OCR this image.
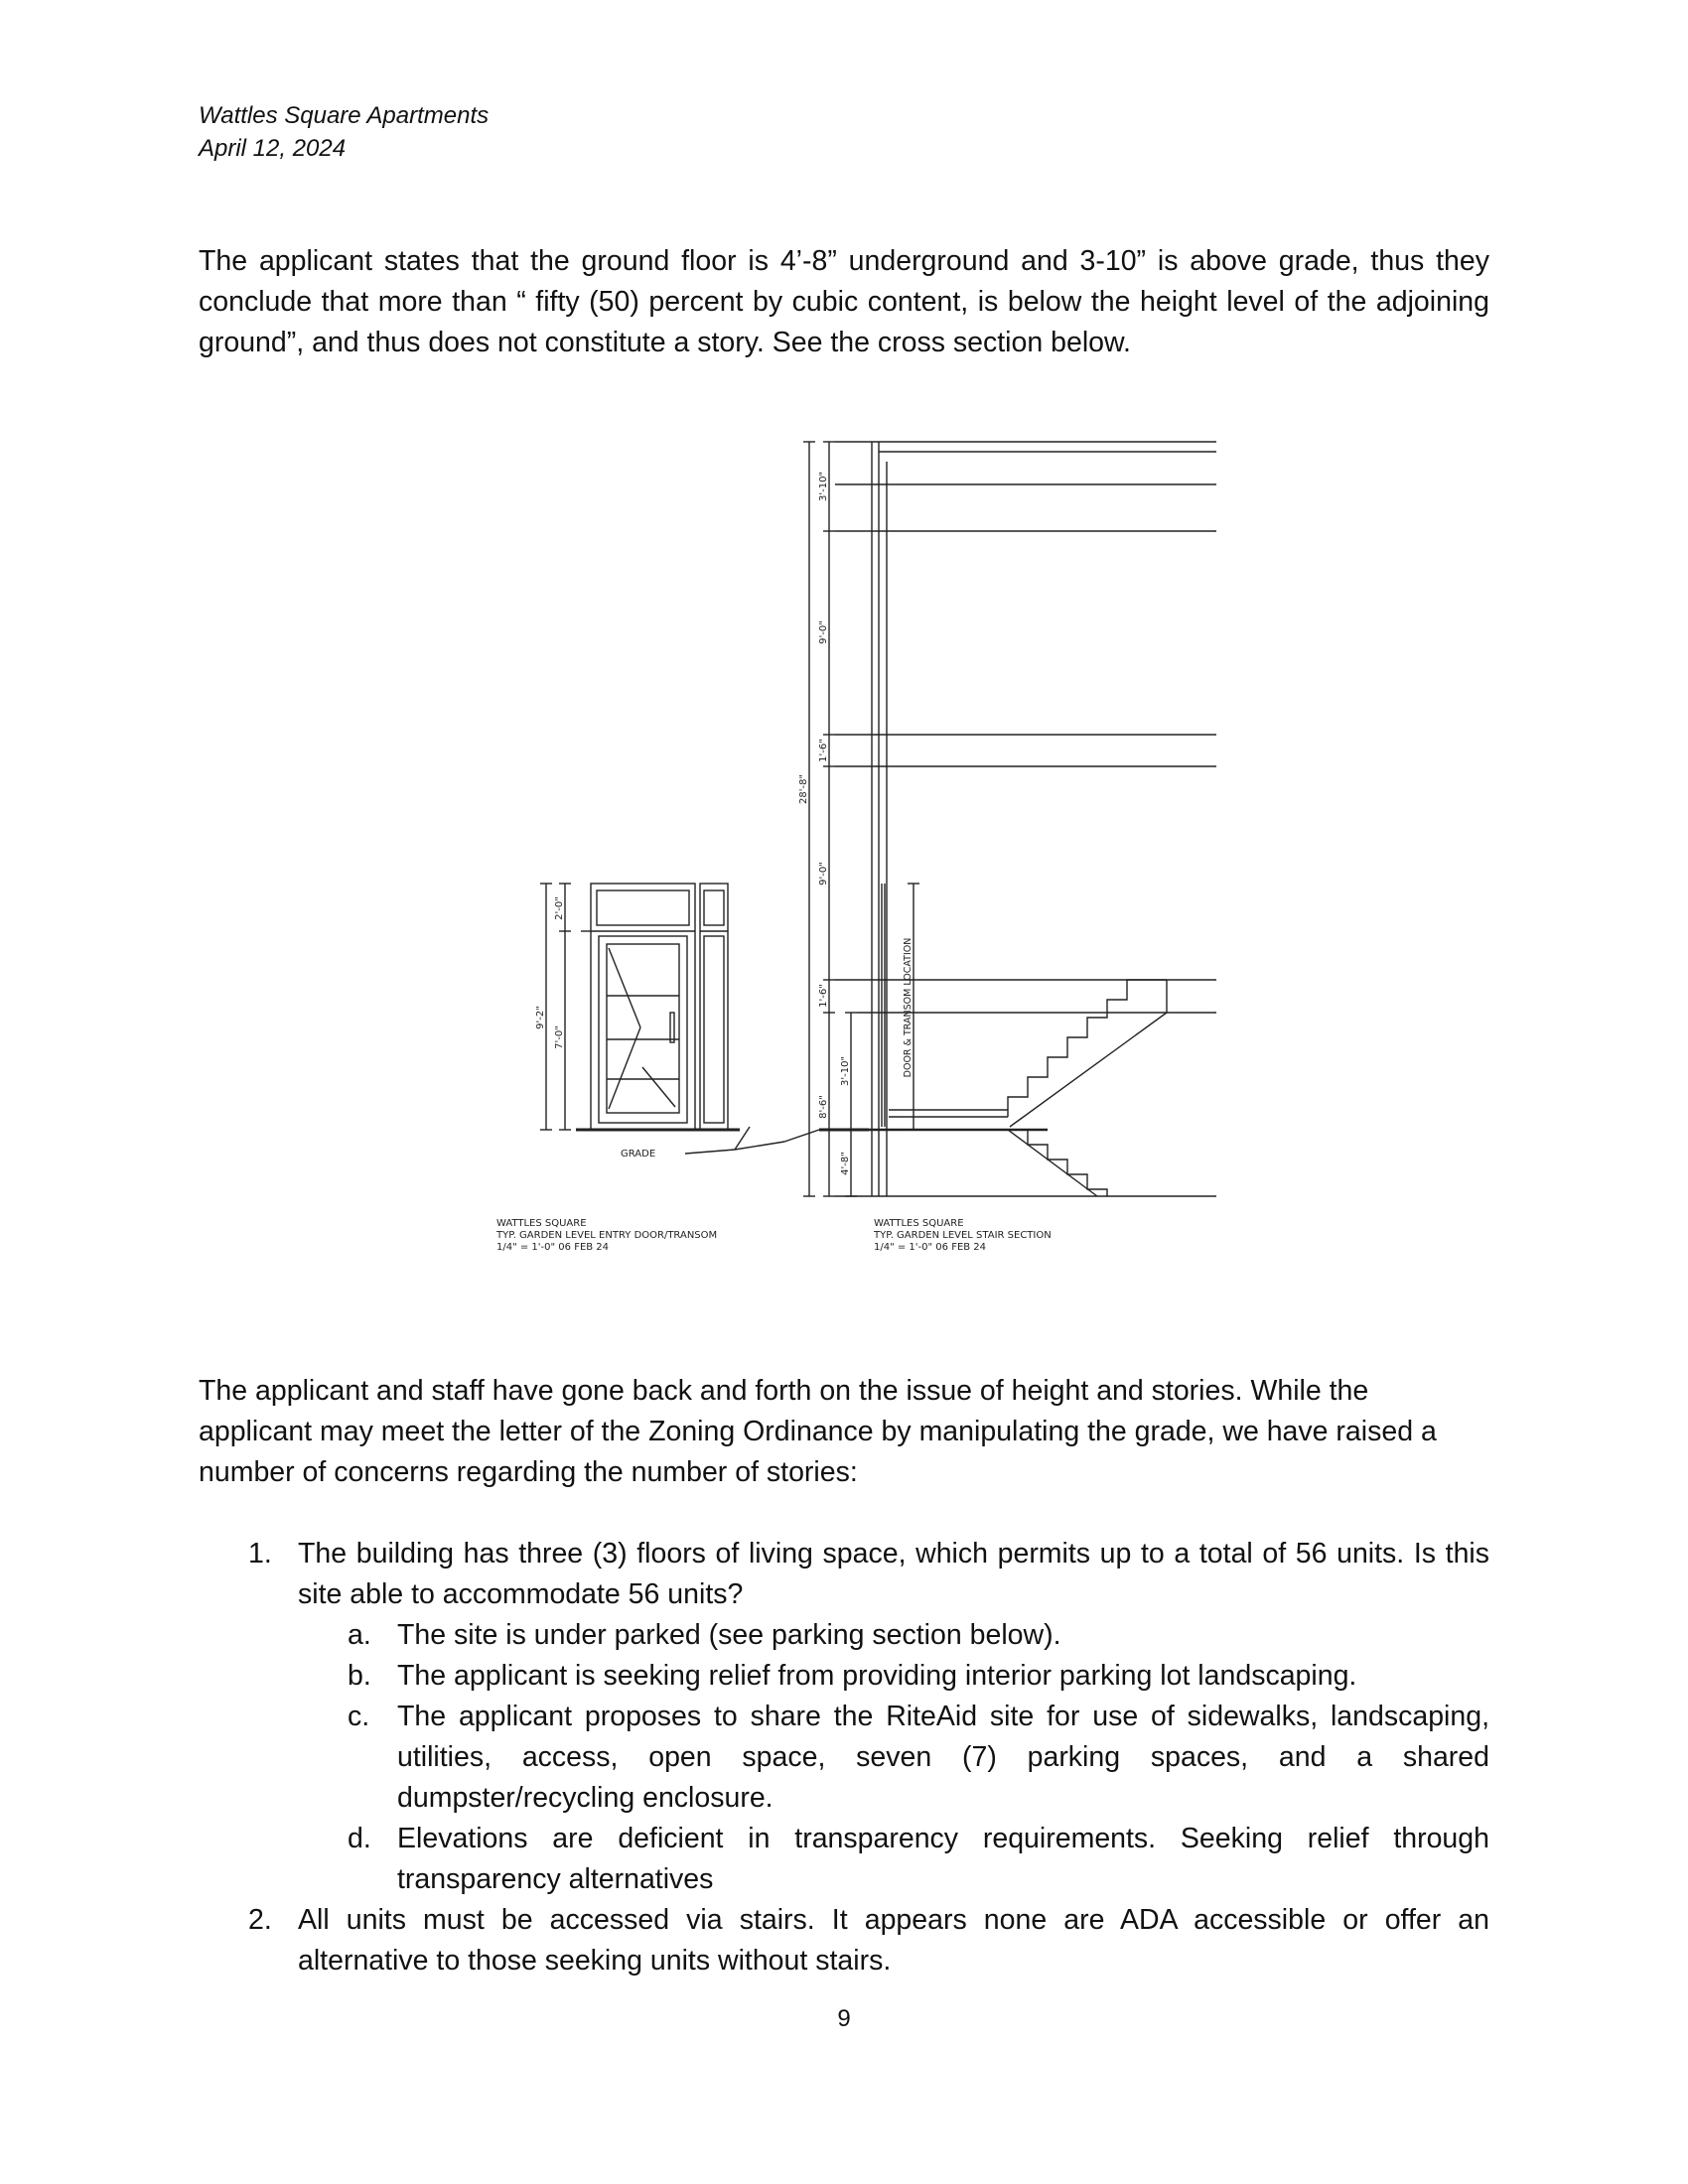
Wattles Square Apartments
April 12, 2024

The applicant states that the ground floor is 4’-8” underground and 3-10” is above grade, thus they conclude that more than “ fifty (50) percent by cubic content, is below the height level of the adjoining ground”, and thus does not constitute a story. See the cross section below.

9'-2"
7'-0"
2'-0"
GRADE
28'-8"
3'-10"
9'-0"
1'-6"
9'-0"
1'-6"
3'-10"
8'-6"
4'-8"
DOOR & TRANSOM LOCATION
WATTLES SQUARE
TYP. GARDEN LEVEL ENTRY DOOR/TRANSOM
1/4" = 1'-0" 06 FEB 24
WATTLES SQUARE
TYP. GARDEN LEVEL STAIR SECTION
1/4" = 1'-0" 06 FEB 24

The applicant and staff have gone back and forth on the issue of height and stories. While the applicant may meet the letter of the Zoning Ordinance by manipulating the grade, we have raised a number of concerns regarding the number of stories:

1. The building has three (3) floors of living space, which permits up to a total of 56 units. Is this site able to accommodate 56 units?
a. The site is under parked (see parking section below).
b. The applicant is seeking relief from providing interior parking lot landscaping.
c. The applicant proposes to share the RiteAid site for use of sidewalks, landscaping, utilities, access, open space, seven (7) parking spaces, and a shared dumpster/recycling enclosure.
d. Elevations are deficient in transparency requirements. Seeking relief through transparency alternatives
2. All units must be accessed via stairs. It appears none are ADA accessible or offer an alternative to those seeking units without stairs.
9
